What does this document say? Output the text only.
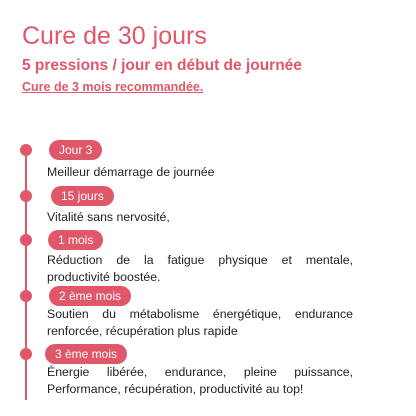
Cure de 30 jours
5 pressions / jour en début de journée
Cure de 3 mois recommandée.
Jour 3
Meilleur démarrage de journée
15 jours
Vitalité sans nervosité,
1 mois
Réduction de la fatigue physique et mentale, productivité boostée.
2 ème mois
Soutien du métabolisme énergétique, endurance renforcée, récupération plus rapide
3 ème mois
Énergie libérée, endurance, pleine puissance, Performance, récupération, productivité au top!
